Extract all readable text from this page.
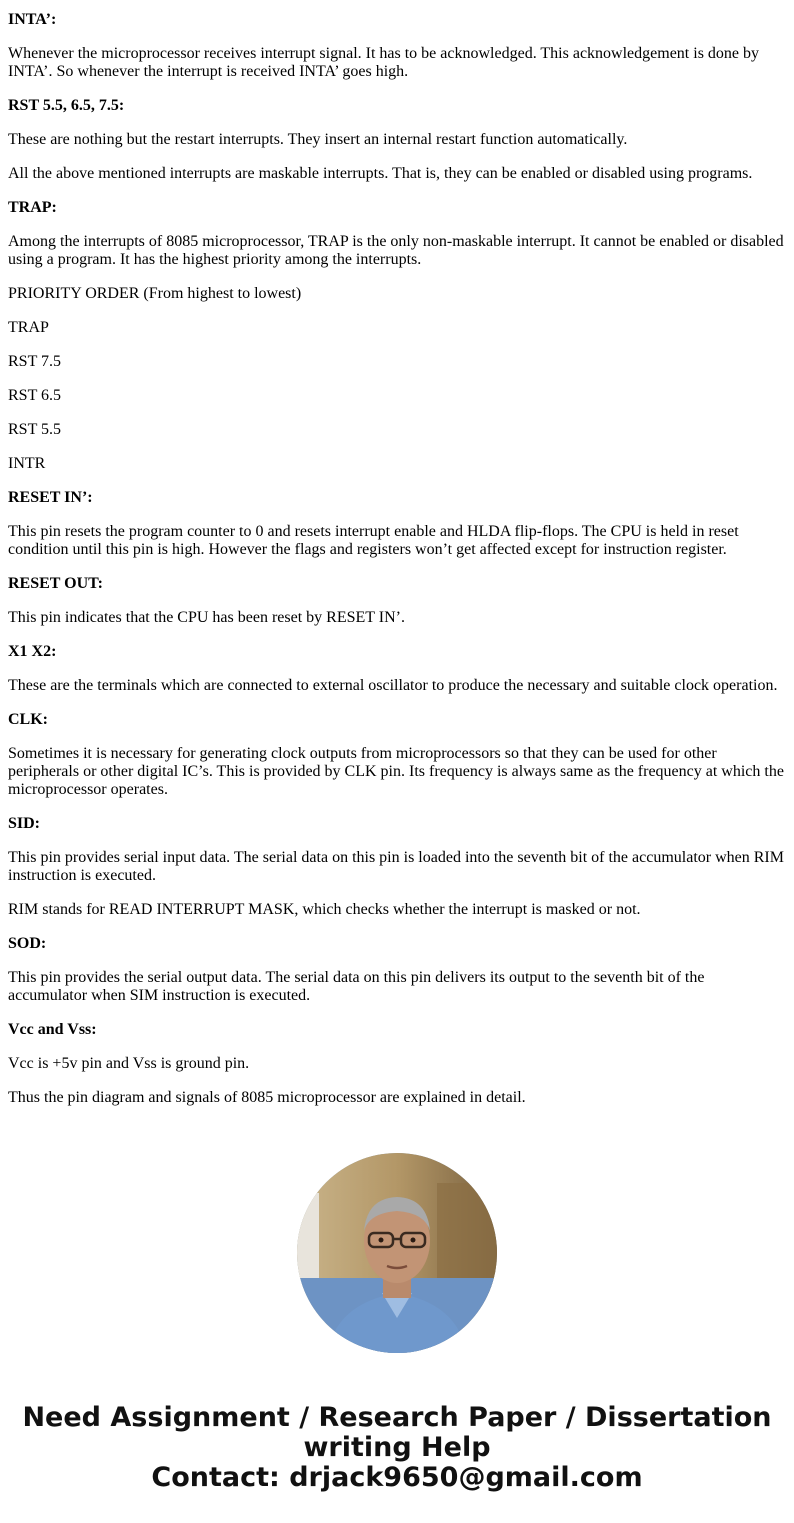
INTA’:

Whenever the microprocessor receives interrupt signal. It has to be acknowledged. This acknowledgement is done by INTA’. So whenever the interrupt is received INTA’ goes high.

RST 5.5, 6.5, 7.5:

These are nothing but the restart interrupts. They insert an internal restart function automatically.

All the above mentioned interrupts are maskable interrupts. That is, they can be enabled or disabled using programs.

TRAP:

Among the interrupts of 8085 microprocessor, TRAP is the only non-maskable interrupt. It cannot be enabled or disabled using a program. It has the highest priority among the interrupts.

PRIORITY ORDER (From highest to lowest)

TRAP

RST 7.5

RST 6.5

RST 5.5

INTR

RESET IN’:

This pin resets the program counter to 0 and resets interrupt enable and HLDA flip-flops. The CPU is held in reset condition until this pin is high. However the flags and registers won’t get affected except for instruction register.

RESET OUT:

This pin indicates that the CPU has been reset by RESET IN’.

X1 X2:

These are the terminals which are connected to external oscillator to produce the necessary and suitable clock operation.

CLK:

Sometimes it is necessary for generating clock outputs from microprocessors so that they can be used for other peripherals or other digital IC’s. This is provided by CLK pin. Its frequency is always same as the frequency at which the microprocessor operates.

SID:

This pin provides serial input data. The serial data on this pin is loaded into the seventh bit of the accumulator when RIM instruction is executed.

RIM stands for READ INTERRUPT MASK, which checks whether the interrupt is masked or not.

SOD:

This pin provides the serial output data. The serial data on this pin delivers its output to the seventh bit of the accumulator when SIM instruction is executed.

Vcc and Vss:

Vcc is +5v pin and Vss is ground pin.

Thus the pin diagram and signals of 8085 microprocessor are explained in detail.

Need Assignment / Research Paper / Dissertation
writing Help
Contact: drjack9650@gmail.com
